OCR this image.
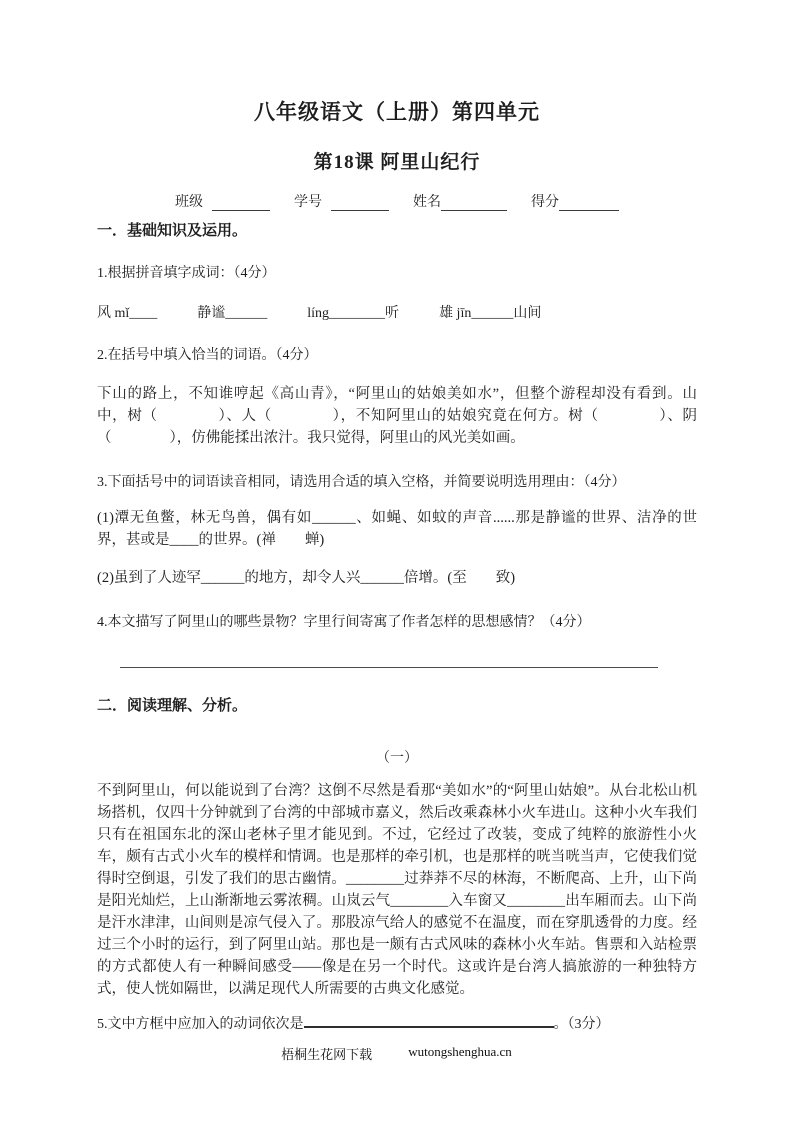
八年级语文（上册）第四单元
第18课 阿里山纪行
班级	学号	姓名	得分
一．基础知识及运用。
1.根据拼音填字成词：（4分）
风 mǐ____	静谧______	líng________听	雄 jīn______山间
2.在括号中填入恰当的词语。（4分）
下山的路上，不知谁哼起《高山青》，“阿里山的姑娘美如水”，但整个游程却没有看到。山中，树（　　　　）、人（　　　　），不知阿里山的姑娘究竟在何方。树（　　　　）、阴（　　　　），仿佛能揉出浓汁。我只觉得，阿里山的风光美如画。
3.下面括号中的词语读音相同，请选用合适的填入空格，并简要说明选用理由：（4分）
(1)潭无鱼鳖，林无鸟兽，偶有如______、如蝇、如蚊的声音......那是静谧的世界、洁净的世界，甚或是____的世界。(禅　　蝉)
(2)虽到了人迹罕______的地方，却令人兴______倍增。(至　　致)
4.本文描写了阿里山的哪些景物？字里行间寄寓了作者怎样的思想感情？（4分）
二．阅读理解、分析。
（一）
不到阿里山，何以能说到了台湾？这倒不尽然是看那“美如水”的“阿里山姑娘”。从台北松山机场搭机，仅四十分钟就到了台湾的中部城市嘉义，然后改乘森林小火车进山。这种小火车我们只有在祖国东北的深山老林子里才能见到。不过，它经过了改装，变成了纯粹的旅游性小火车，颇有古式小火车的模样和情调。也是那样的牵引机，也是那样的咣当咣当声，它使我们觉得时空倒退，引发了我们的思古幽情。________过莽莽不尽的林海，不断爬高、上升，山下尚是阳光灿烂，上山渐渐地云雾浓稠。山岚云气________入车窗又________出车厢而去。山下尚是汗水津津，山间则是凉气侵入了。那股凉气给人的感觉不在温度，而在穿肌透骨的力度。经过三个小时的运行，到了阿里山站。那也是一颇有古式风味的森林小火车站。售票和入站检票的方式都使人有一种瞬间感受——像是在另一个时代。这或许是台湾人搞旅游的一种独特方式，使人恍如隔世，以满足现代人所需要的古典文化感觉。
5.文中方框中应加入的动词依次是	。（3分）
梧桐生花网下载	wutongshenghua.cn
